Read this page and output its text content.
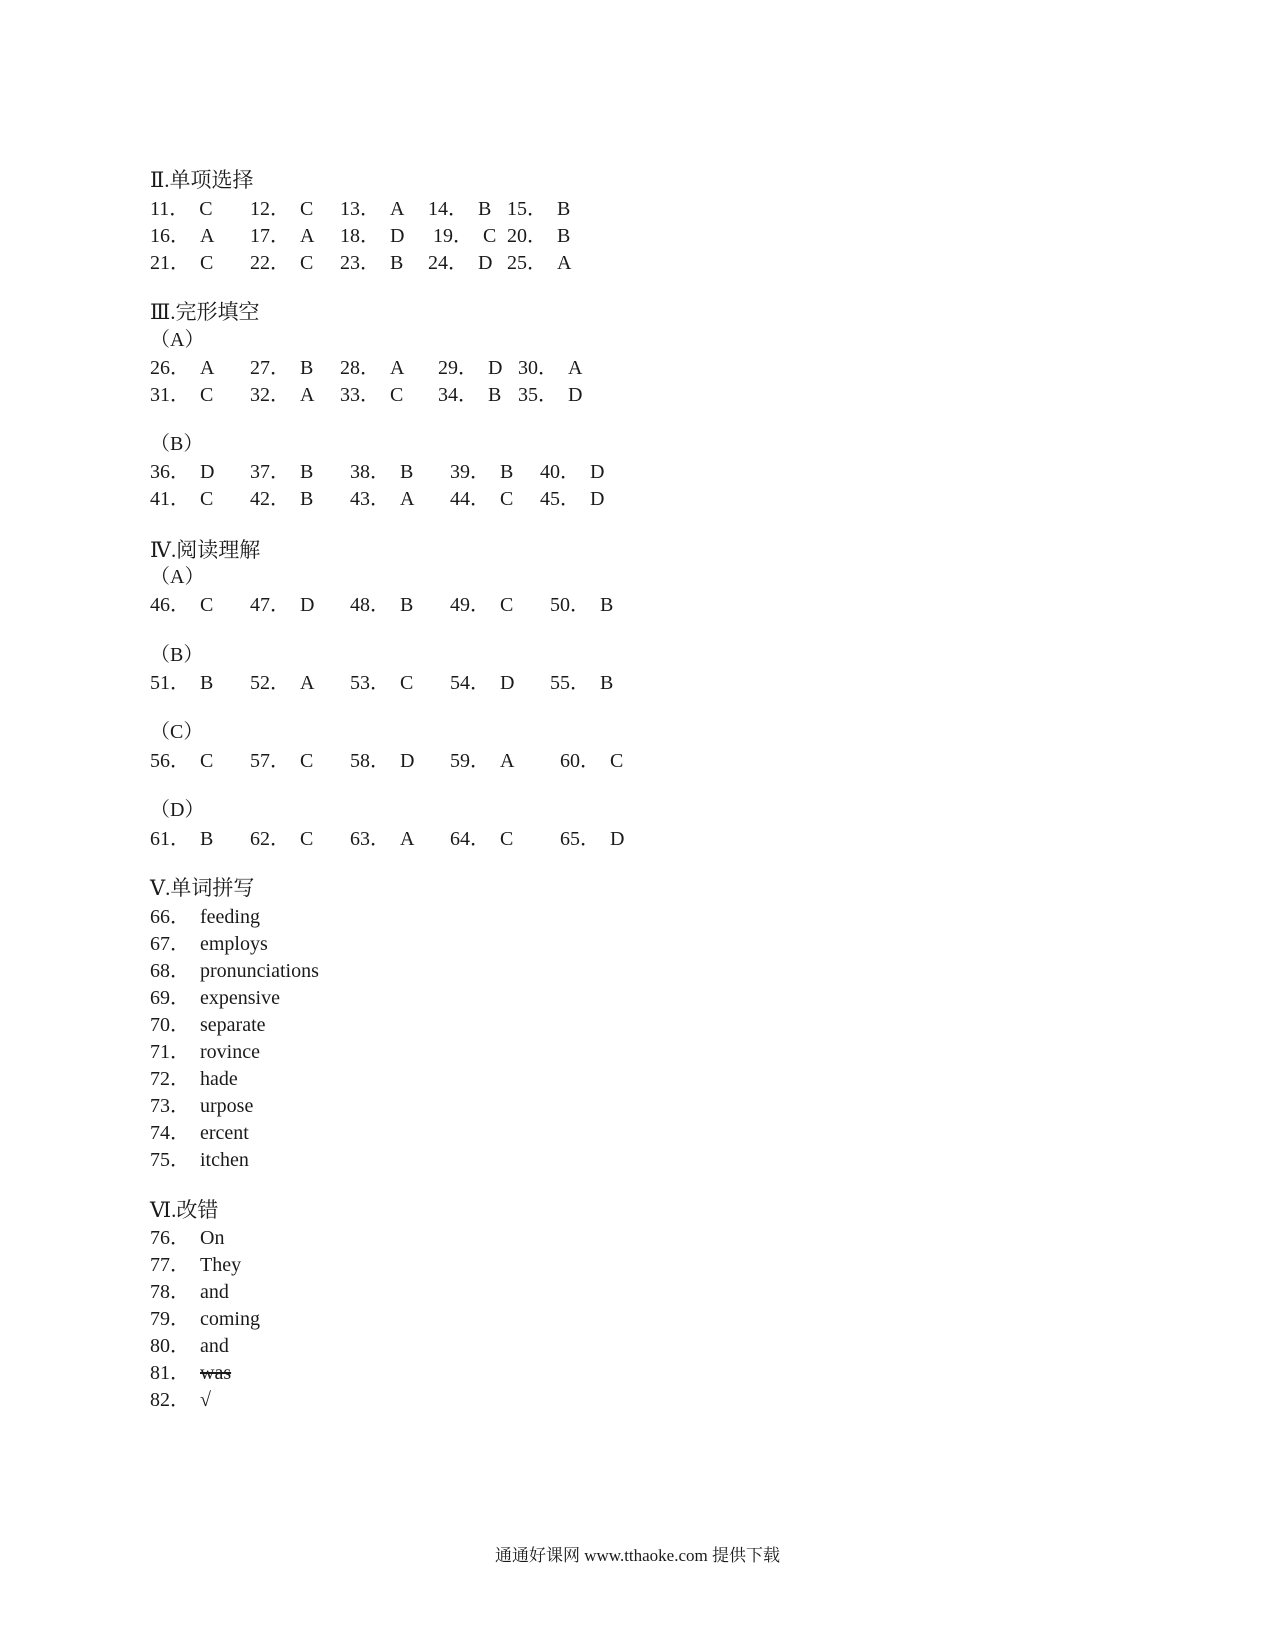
Ⅱ.单项选择
11． C 12． C 13． A 14． B 15． B
16． A 17． A 18． D 19． C 20． B
21． C 22． C 23． B 24． D 25． A
Ⅲ.完形填空
（A）
26． A 27． B 28． A 29． D 30． A
31． C 32． A 33． C 34． B 35． D
（B）
36． D 37． B 38． B 39． B 40． D
41． C 42． B 43． A 44． C 45． D
Ⅳ.阅读理解
（A）
46． C 47． D 48． B 49． C 50． B
（B）
51． B 52． A 53． C 54． D 55． B
（C）
56． C 57． C 58． D 59． A 60． C
（D）
61． B 62． C 63． A 64． C 65． D
Ⅴ.单词拼写
66． feeding
67． employs
68． pronunciations
69． expensive
70． separate
71． rovince
72． hade
73． urpose
74． ercent
75． itchen
Ⅵ.改错
76． On
77． They
78． and
79． coming
80． and
81． was
82． √
通通好课网 www.tthaoke.com 提供下载
